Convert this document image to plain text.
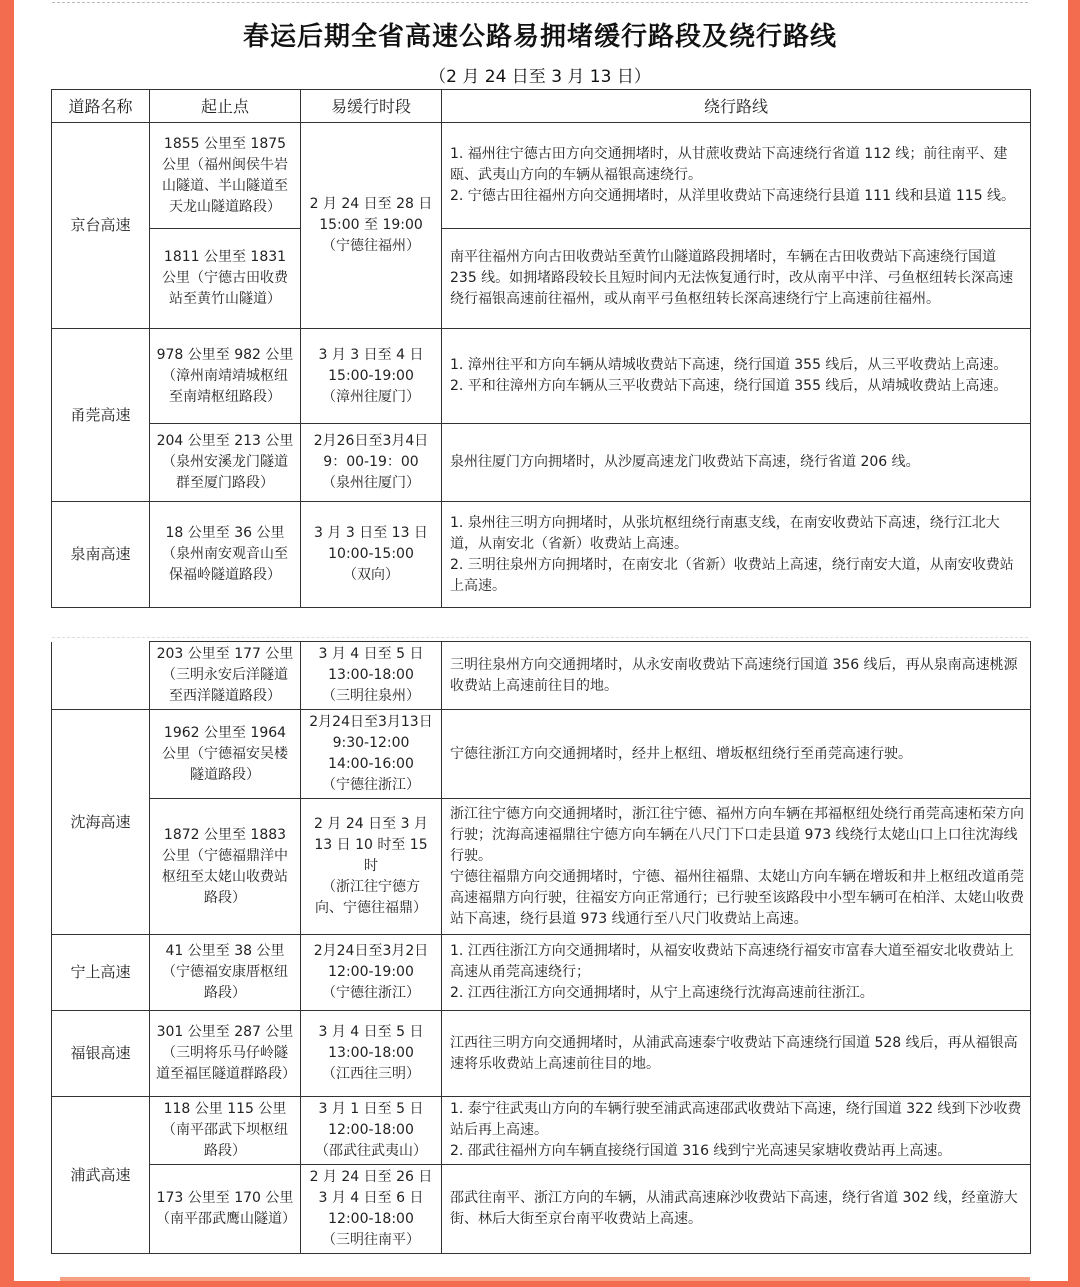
春运后期全省高速公路易拥堵缓行路段及绕行路线
（2 月 24 日至 3 月 13 日）
道路名称	起止点	易缓行时段	绕行路线
京台高速	1855 公里至 1875 公里（福州闽侯牛岩山隧道、半山隧道至天龙山隧道路段）	2 月 24 日至 28 日
15:00 至 19:00
（宁德往福州）	1. 福州往宁德古田方向交通拥堵时，从甘蔗收费站下高速绕行省道 112 线；前往南平、建瓯、武夷山方向的车辆从福银高速绕行。
2. 宁德古田往福州方向交通拥堵时，从洋里收费站下高速绕行县道 111 线和县道 115 线。

	1811 公里至 1831 公里（宁德古田收费站至黄竹山隧道）		南平往福州方向古田收费站至黄竹山隧道路段拥堵时，车辆在古田收费站下高速绕行国道 235 线。如拥堵路段较长且短时间内无法恢复通行时，改从南平中洋、弓鱼枢纽转长深高速绕行福银高速前往福州，或从南平弓鱼枢纽转长深高速绕行宁上高速前往福州。

甬莞高速	978 公里至 982 公里（漳州南靖靖城枢纽至南靖枢纽路段）	3 月 3 日至 4 日
15:00-19:00
（漳州往厦门）	1. 漳州往平和方向车辆从靖城收费站下高速，绕行国道 355 线后，从三平收费站上高速。
2. 平和往漳州方向车辆从三平收费站下高速，绕行国道 355 线后，从靖城收费站上高速。

	204 公里至 213 公里（泉州安溪龙门隧道群至厦门路段）	2月26日至3月4日
9：00-19：00
（泉州往厦门）	泉州往厦门方向拥堵时，从沙厦高速龙门收费站下高速，绕行省道 206 线。

泉南高速	18 公里至 36 公里（泉州南安观音山至保福岭隧道路段）	3 月 3 日至 13 日
10:00-15:00
（双向）	1. 泉州往三明方向拥堵时，从张坑枢纽绕行南惠支线，在南安收费站下高速，绕行江北大道，从南安北（省新）收费站上高速。
2. 三明往泉州方向拥堵时，在南安北（省新）收费站上高速，绕行南安大道，从南安收费站上高速。
	203 公里至 177 公里（三明永安后洋隧道至西洋隧道路段）	3 月 4 日至 5 日
13:00-18:00
（三明往泉州）	三明往泉州方向交通拥堵时，从永安南收费站下高速绕行国道 356 线后，再从泉南高速桃源收费站上高速前往目的地。

沈海高速	1962 公里至 1964 公里（宁德福安吴楼隧道路段）	2月24日至3月13日
9:30-12:00
14:00-16:00
（宁德往浙江）	宁德往浙江方向交通拥堵时，经井上枢纽、增坂枢纽绕行至甬莞高速行驶。

	1872 公里至 1883 公里（宁德福鼎洋中枢纽至太姥山收费站路段）	2 月 24 日至 3 月
13 日 10 时至 15 时
（浙江往宁德方
向、宁德往福鼎）	浙江往宁德方向交通拥堵时，浙江往宁德、福州方向车辆在邦福枢纽处绕行甬莞高速柘荣方向行驶；沈海高速福鼎往宁德方向车辆在八尺门下口走县道 973 线绕行太姥山口上口往沈海线行驶。
宁德往福鼎方向交通拥堵时，宁德、福州往福鼎、太姥山方向车辆在增坂和井上枢纽改道甬莞高速福鼎方向行驶，往福安方向正常通行；已行驶至该路段中小型车辆可在柏洋、太姥山收费站下高速，绕行县道 973 线通行至八尺门收费站上高速。

宁上高速	41 公里至 38 公里（宁德福安康厝枢纽路段）	2月24日至3月2日
12:00-19:00
（宁德往浙江）	1. 江西往浙江方向交通拥堵时，从福安收费站下高速绕行福安市富春大道至福安北收费站上高速从甬莞高速绕行；
2. 江西往浙江方向交通拥堵时，从宁上高速绕行沈海高速前往浙江。

福银高速	301 公里至 287 公里（三明将乐马仔岭隧道至福匡隧道群路段）	3 月 4 日至 5 日
13:00-18:00
（江西往三明）	江西往三明方向交通拥堵时，从浦武高速泰宁收费站下高速绕行国道 528 线后，再从福银高速将乐收费站上高速前往目的地。

浦武高速	118 公里 115 公里（南平邵武下坝枢纽路段）	3 月 1 日至 5 日
12:00-18:00
（邵武往武夷山）	1. 泰宁往武夷山方向的车辆行驶至浦武高速邵武收费站下高速，绕行国道 322 线到下沙收费站后再上高速。
2. 邵武往福州方向车辆直接绕行国道 316 线到宁光高速吴家塘收费站再上高速。

	173 公里至 170 公里（南平邵武鹰山隧道）	2 月 24 日至 26 日
3 月 4 日至 6 日
12:00-18:00
（三明往南平）	邵武往南平、浙江方向的车辆，从浦武高速麻沙收费站下高速，绕行省道 302 线，经童游大街、林后大街至京台南平收费站上高速。
